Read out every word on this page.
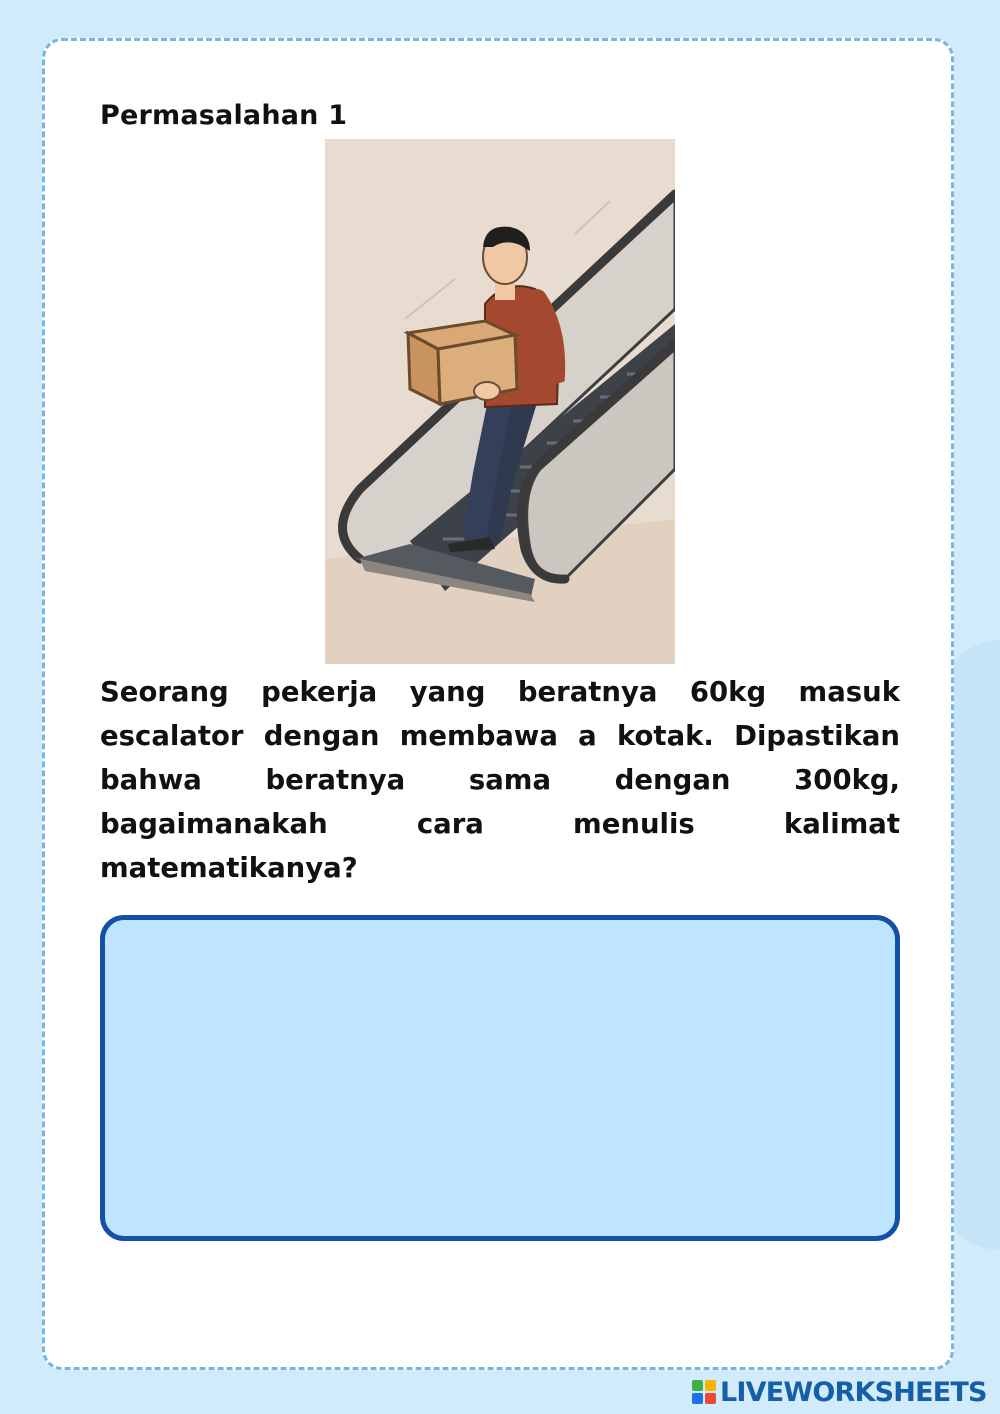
Permasalahan 1

Seorang pekerja yang beratnya 60kg masuk escalator dengan membawa a kotak. Dipastikan bahwa beratnya sama dengan 300kg, bagaimanakah cara menulis kalimat matematikanya?

LIVEWORKSHEETS
